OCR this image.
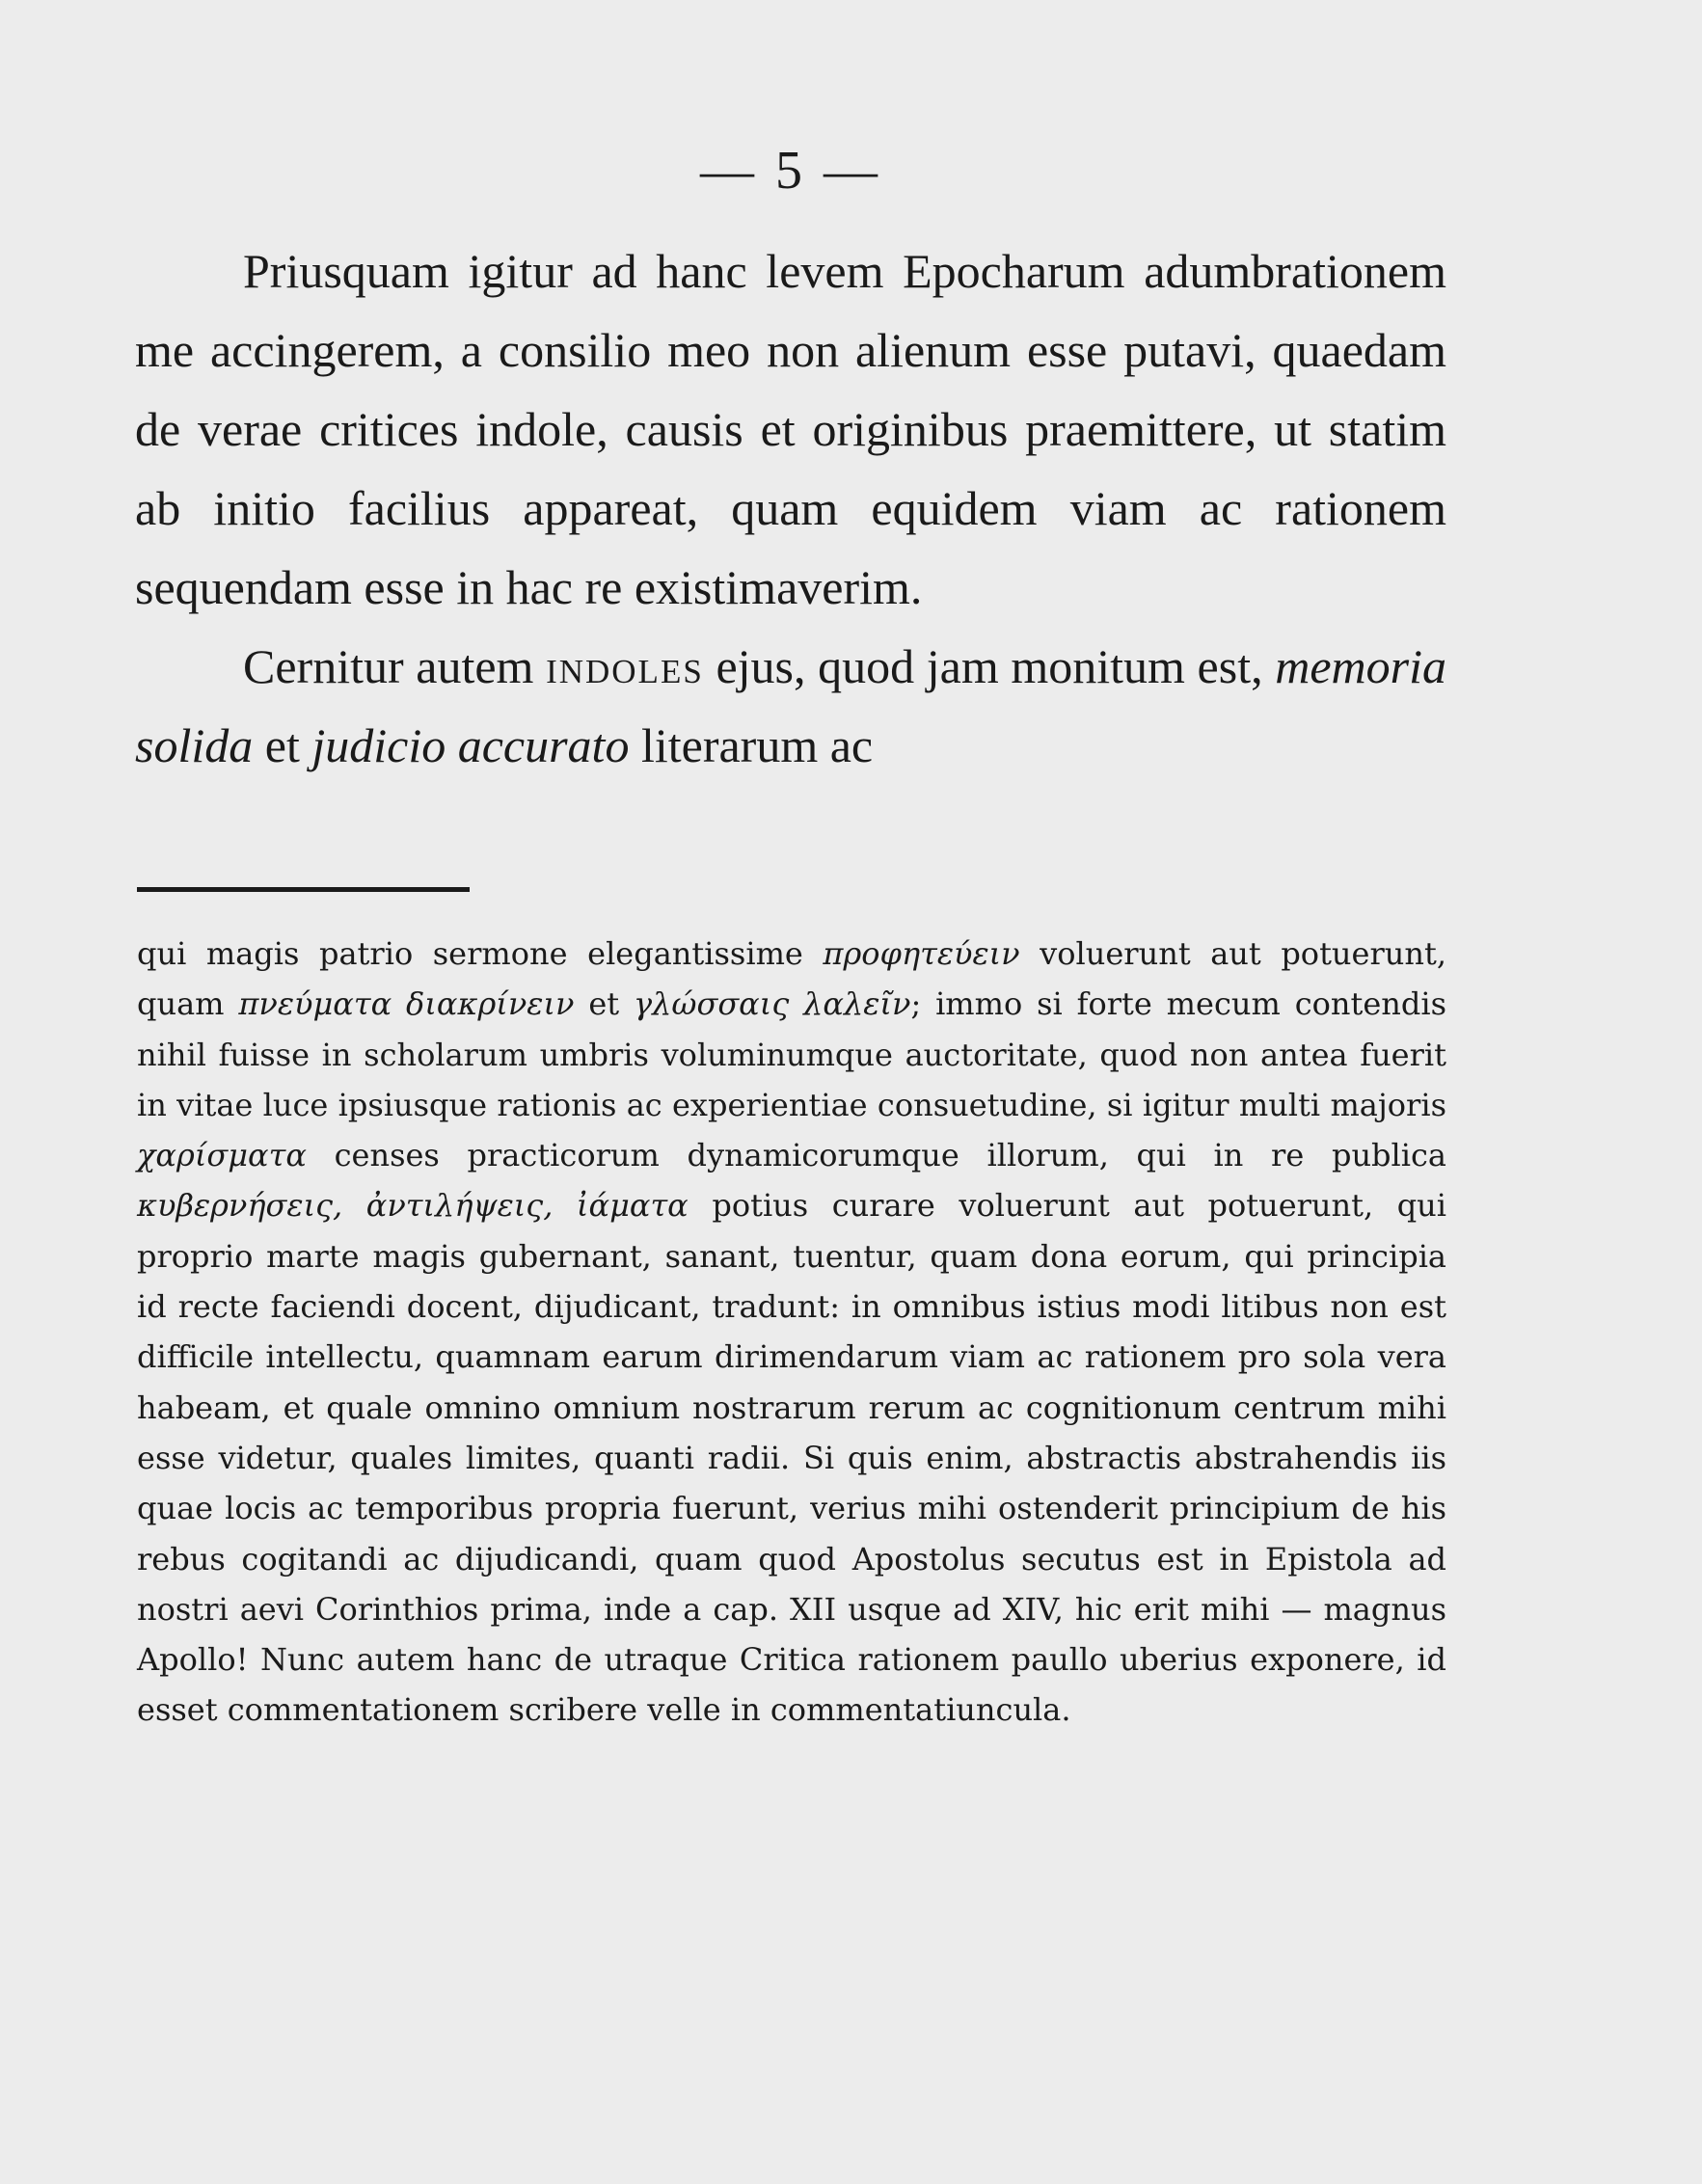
— 5 —

Priusquam igitur ad hanc levem Epocharum adumbrationem me accingerem, a consilio meo non alienum esse putavi, quaedam de verae critices indole, causis et originibus praemittere, ut statim ab initio facilius appareat, quam equidem viam ac rationem sequendam esse in hac re existimaverim.

Cernitur autem indoles ejus, quod jam monitum est, memoria solida et judicio accurato literarum ac

qui magis patrio sermone elegantissime προφητεύειν voluerunt aut potuerunt, quam πνεύματα διακρίνειν et γλώσσαις λαλεῖν; immo si forte mecum contendis nihil fuisse in scholarum umbris voluminumque auctoritate, quod non antea fuerit in vitae luce ipsiusque rationis ac experientiae consuetudine, si igitur multi majoris χαρίσματα censes practicorum dynamicorumque illorum, qui in re publica κυβερνήσεις, ἀντιλήψεις, ἰάματα potius curare voluerunt aut potuerunt, qui proprio marte magis gubernant, sanant, tuentur, quam dona eorum, qui principia id recte faciendi docent, dijudicant, tradunt: in omnibus istius modi litibus non est difficile intellectu, quamnam earum dirimendarum viam ac rationem pro sola vera habeam, et quale omnino omnium nostrarum rerum ac cognitionum centrum mihi esse videtur, quales limites, quanti radii. Si quis enim, abstractis abstrahendis iis quae locis ac temporibus propria fuerunt, verius mihi ostenderit principium de his rebus cogitandi ac dijudicandi, quam quod Apostolus secutus est in Epistola ad nostri aevi Corinthios prima, inde a cap. XII usque ad XIV, hic erit mihi — magnus Apollo! Nunc autem hanc de utraque Critica rationem paullo uberius exponere, id esset commentationem scribere velle in commentatiuncula.
